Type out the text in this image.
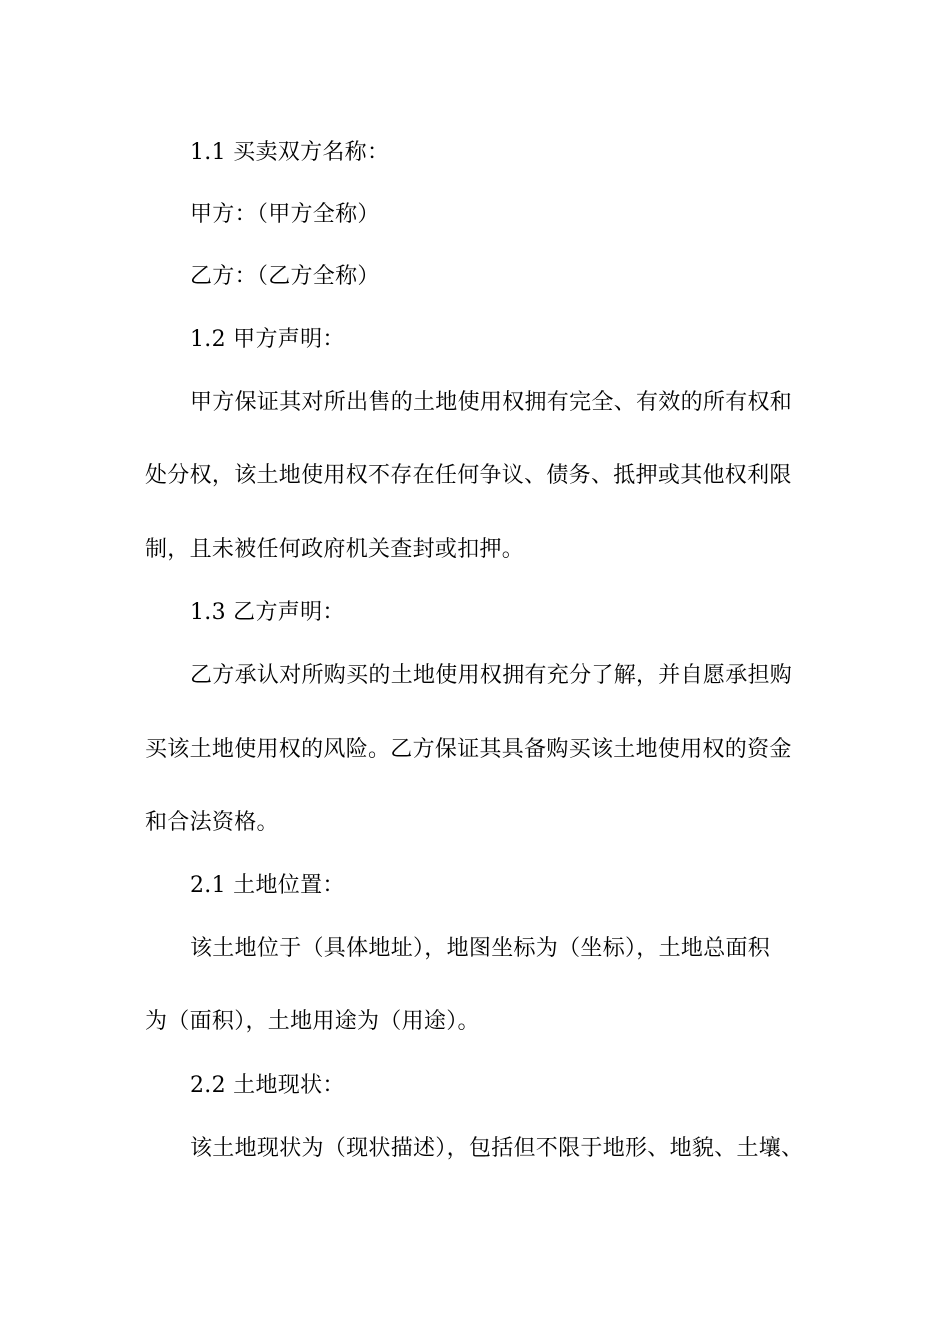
1.1 买卖双方名称：
甲方：（甲方全称）
乙方：（乙方全称）
1.2 甲方声明：
甲方保证其对所出售的土地使用权拥有完全、有效的所有权和
处分权，该土地使用权不存在任何争议、债务、抵押或其他权利限
制，且未被任何政府机关查封或扣押。
1.3 乙方声明：
乙方承认对所购买的土地使用权拥有充分了解，并自愿承担购
买该土地使用权的风险。乙方保证其具备购买该土地使用权的资金
和合法资格。
2.1 土地位置：
该土地位于（具体地址），地图坐标为（坐标），土地总面积
为（面积），土地用途为（用途）。
2.2 土地现状：
该土地现状为（现状描述），包括但不限于地形、地貌、土壤、
